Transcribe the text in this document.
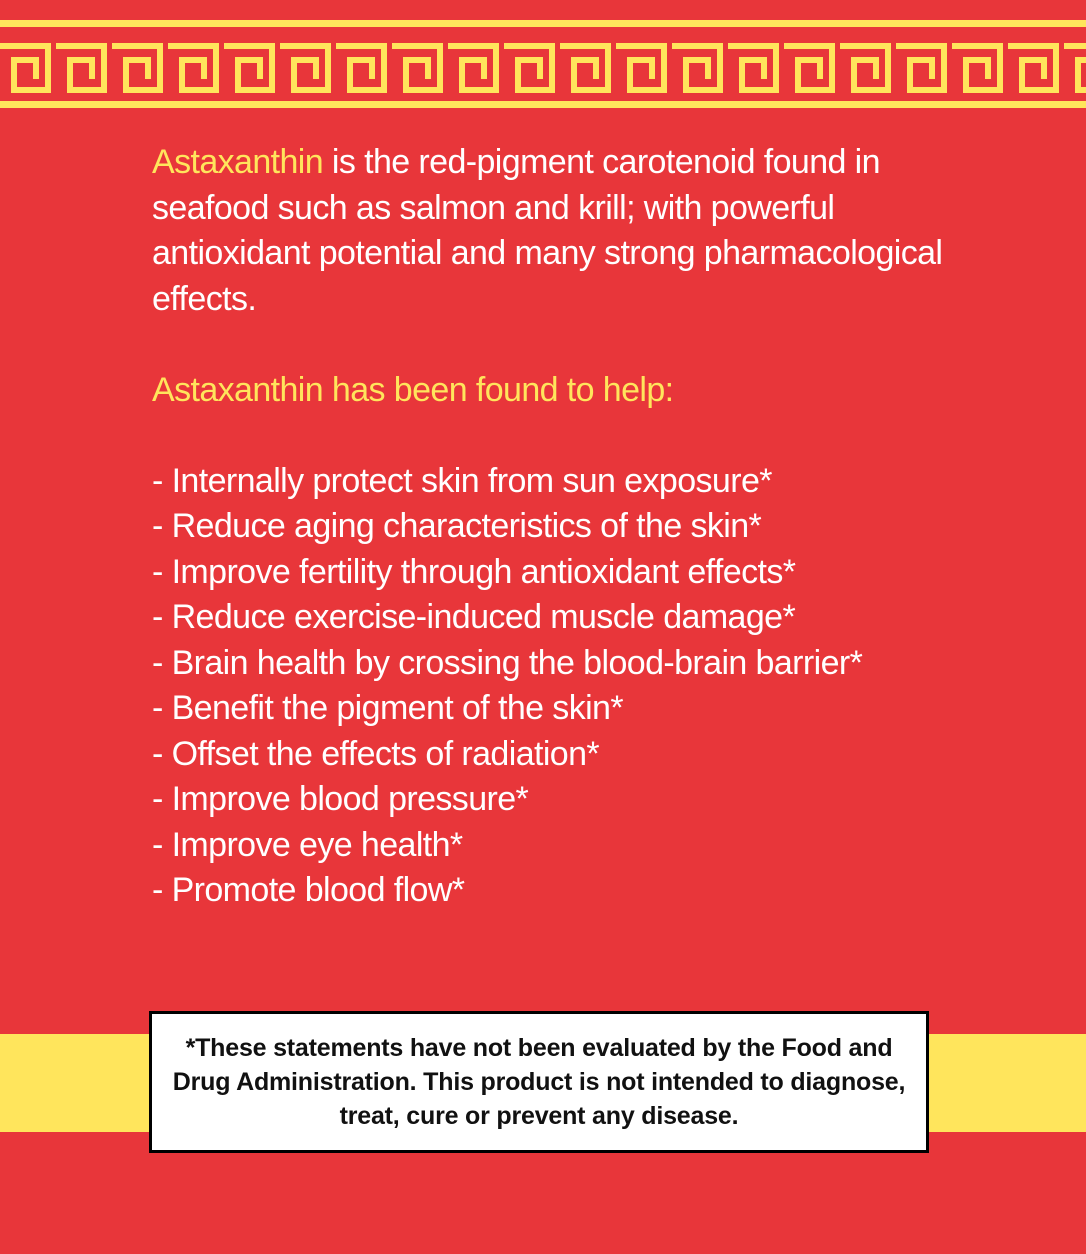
Astaxanthin is the red-pigment carotenoid found in seafood such as salmon and krill; with powerful antioxidant potential and many strong pharmacological effects.

Astaxanthin has been found to help:

- Internally protect skin from sun exposure*
- Reduce aging characteristics of the skin*
- Improve fertility through antioxidant effects*
- Reduce exercise-induced muscle damage*
- Brain health by crossing the blood-brain barrier*
- Benefit the pigment of the skin*
- Offset the effects of radiation*
- Improve blood pressure*
- Improve eye health*
- Promote blood flow*

*These statements have not been evaluated by the Food and Drug Administration. This product is not intended to diagnose, treat, cure or prevent any disease.
